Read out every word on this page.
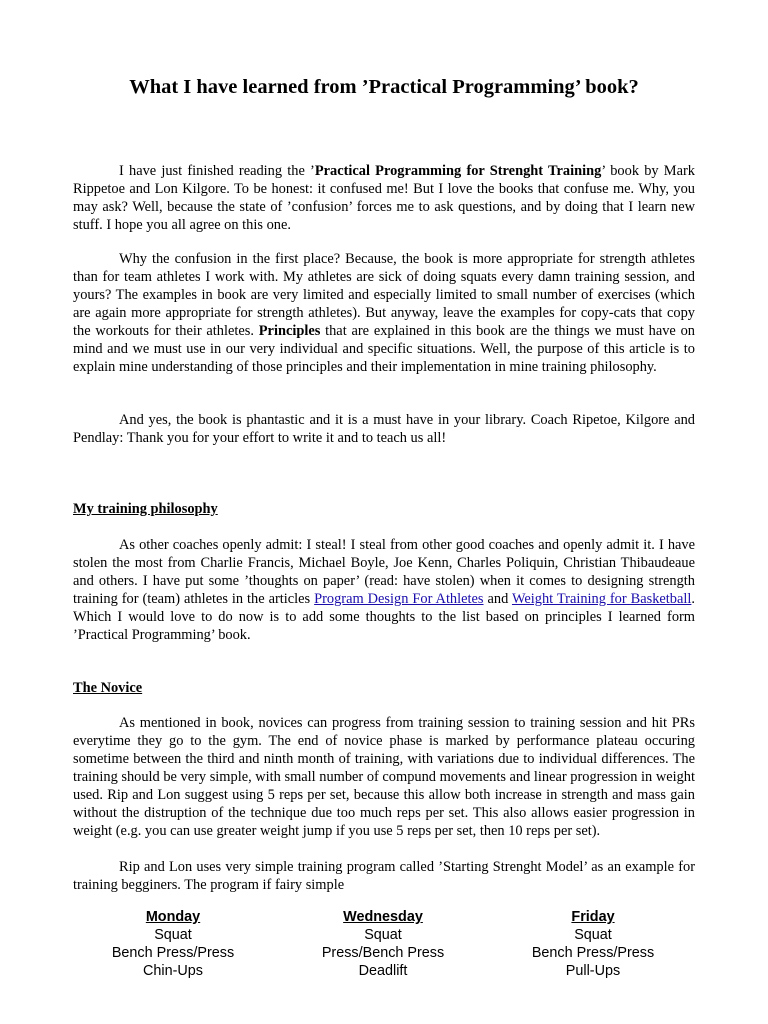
What I have learned from ’Practical Programming’ book?

I have just finished reading the ’Practical Programming for Strenght Training’ book by Mark Rippetoe and Lon Kilgore. To be honest: it confused me! But I love the books that confuse me. Why, you may ask? Well, because the state of ’confusion’ forces me to ask questions, and by doing that I learn new stuff. I hope you all agree on this one.

Why the confusion in the first place? Because, the book is more appropriate for strength athletes than for team athletes I work with. My athletes are sick of doing squats every damn training session, and yours? The examples in book are very limited and especially limited to small number of exercises (which are again more appropriate for strength athletes). But anyway, leave the examples for copy-cats that copy the workouts for their athletes. Principles that are explained in this book are the things we must have on mind and we must use in our very individual and specific situations. Well, the purpose of this article is to explain mine understanding of those principles and their implementation in mine training philosophy.

And yes, the book is phantastic and it is a must have in your library. Coach Ripetoe, Kilgore and Pendlay: Thank you for your effort to write it and to teach us all!

My training philosophy

As other coaches openly admit: I steal! I steal from other good coaches and openly admit it. I have stolen the most from Charlie Francis, Michael Boyle, Joe Kenn, Charles Poliquin, Christian Thibaudeaue and others. I have put some ’thoughts on paper’ (read: have stolen) when it comes to designing strength training for (team) athletes in the articles Program Design For Athletes and Weight Training for Basketball. Which I would love to do now is to add some thoughts to the list based on principles I learned form ’Practical Programming’ book.

The Novice

As mentioned in book, novices can progress from training session to training session and hit PRs everytime they go to the gym. The end of novice phase is marked by performance plateau occuring sometime between the third and ninth month of training, with variations due to individual differences. The training should be very simple, with small number of compund movements and linear progression in weight used. Rip and Lon suggest using 5 reps per set, because this allow both increase in strength and mass gain without the distruption of the technique due too much reps per set. This also allows easier progression in weight (e.g. you can use greater weight jump if you use 5 reps per set, then 10 reps per set).

Rip and Lon uses very simple training program called ’Starting Strenght Model’ as an example for training begginers. The program if fairy simple

Monday
Squat
Bench Press/Press
Chin-Ups
Wednesday
Squat
Press/Bench Press
Deadlift
Friday
Squat
Bench Press/Press
Pull-Ups
